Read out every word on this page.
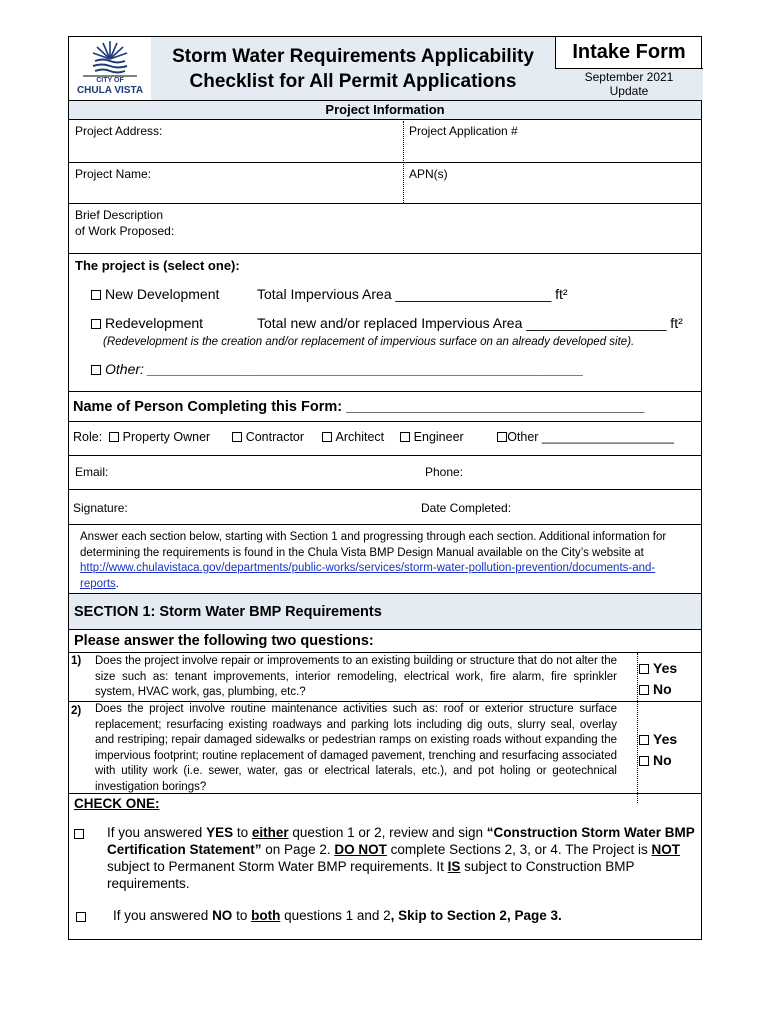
CITY OF
CHULA VISTA
Storm Water Requirements Applicability
Checklist for All Permit Applications
Intake Form
September 2021
Update
Project Information
Project Address:	Project Application #
Project Name:	APN(s)
Brief Description
of Work Proposed:
The project is (select one):
New Development	Total Impervious Area ____________________ ft²
Redevelopment	Total new and/or replaced Impervious Area __________________ ft²
(Redevelopment is the creation and/or replacement of impervious surface on an already developed site).
Other: ________________________________________________________
Name of Person Completing this Form: _____________________________________
Role: Property Owner	Contractor	Architect Engineer	Other ___________________
Email:	Phone:
Signature:	Date Completed:
Answer each section below, starting with Section 1 and progressing through each section. Additional information for determining the requirements is found in the Chula Vista BMP Design Manual available on the City’s website at http://www.chulavistaca.gov/departments/public-works/services/storm-water-pollution-prevention/documents-and-reports.
SECTION 1: Storm Water BMP Requirements
Please answer the following two questions:
1) Does the project involve repair or improvements to an existing building or structure that do not alter the size such as: tenant improvements, interior remodeling, electrical work, fire alarm, fire sprinkler system, HVAC work, gas, plumbing, etc.?
Yes
No
2) Does the project involve routine maintenance activities such as: roof or exterior structure surface replacement; resurfacing existing roadways and parking lots including dig outs, slurry seal, overlay and restriping; repair damaged sidewalks or pedestrian ramps on existing roads without expanding the impervious footprint; routine replacement of damaged pavement, trenching and resurfacing associated with utility work (i.e. sewer, water, gas or electrical laterals, etc.), and pot holing or geotechnical investigation borings?
Yes
No
CHECK ONE:
If you answered YES to either question 1 or 2, review and sign “Construction Storm Water BMP Certification Statement” on Page 2. DO NOT complete Sections 2, 3, or 4. The Project is NOT subject to Permanent Storm Water BMP requirements. It IS subject to Construction BMP requirements.
If you answered NO to both questions 1 and 2, Skip to Section 2, Page 3.
